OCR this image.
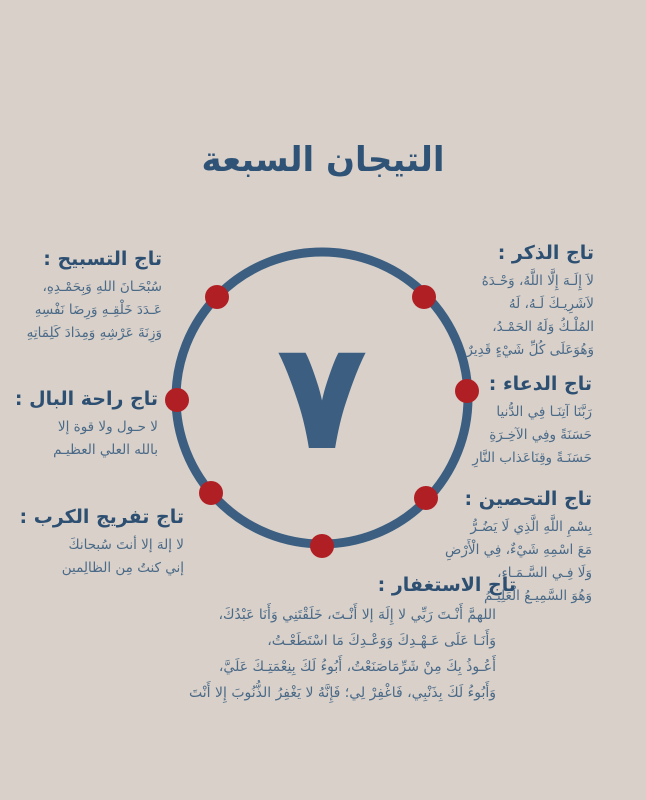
التيجان السبعة
٧
تاج الذكر :
لاَ إِلَـهَ إِلَّا اللَّهُ، وَحْـدَهُ
لاَشَرِيـكَ لَـهُ، لَهُ
المُلْـكُ وَلَهُ الحَمْـدُ،
وَهُوَعَلَى كُلِّ شَيْءٍ قَدِيرٌ
تاج الدعاء :
رَبَّنَا آتِنَـا فِي الدُّنيا
حَسَنَةً وفِي الآخِـرَةِ
حَسَنَـةً وقِنَاعَذاب النَّارِ
تاج التحصين :
بِسْمِ اللَّهِ الَّذِي لَا يَضُـرُّ
مَعَ اسْمِهِ شَيْءٌ، فِي الْأَرْضِ
وَلَا فِـي السَّـمَـاءِ،
وَهُوَ السَّمِيـعُ الْعَلِيـمُ
تاج التسبيح :
سُبْحَـانَ اللهِ وَبِحَمْـدِهِ،
عَـدَدَ خَلْقِـهِ وَرِضَا نَفْسِهِ
وَزِنَةَ عَرْشِهِ وَمِدَادَ كَلِمَاتِهِ
تاج راحة البال :
لا حـول ولا قوة إلا
بالله العلي العظيـم
تاج تفريج الكرب :
لا إلهَ إلا أنتَ سُبحانكَ
إني كنتُ مِن الظالِمين
تاج الاستغفار :
اللهمَّ أَنْـتَ رَبِّي لا إِلَهَ إلا أَنْـتَ، خَلَقْتَنِي وَأَنَا عَبْدُكَ،
وَأَنَـا عَلَى عَـهْـدِكَ وَوَعْـدِكَ مَا اسْتَطَعْـتُ،
أَعُـوذُ بِكَ مِنْ شَرِّمَاصَنَعْتُ، أَبُوءُ لَكَ بِنِعْمَتِـكَ عَلَيَّ،
وَأَبُوءُ لَكَ بِذَنْبِي، فَاغْفِرْ لِي؛ فَإِنَّهُ لا يَغْفِرُ الذُّنُوبَ إِلا أَنْتَ
